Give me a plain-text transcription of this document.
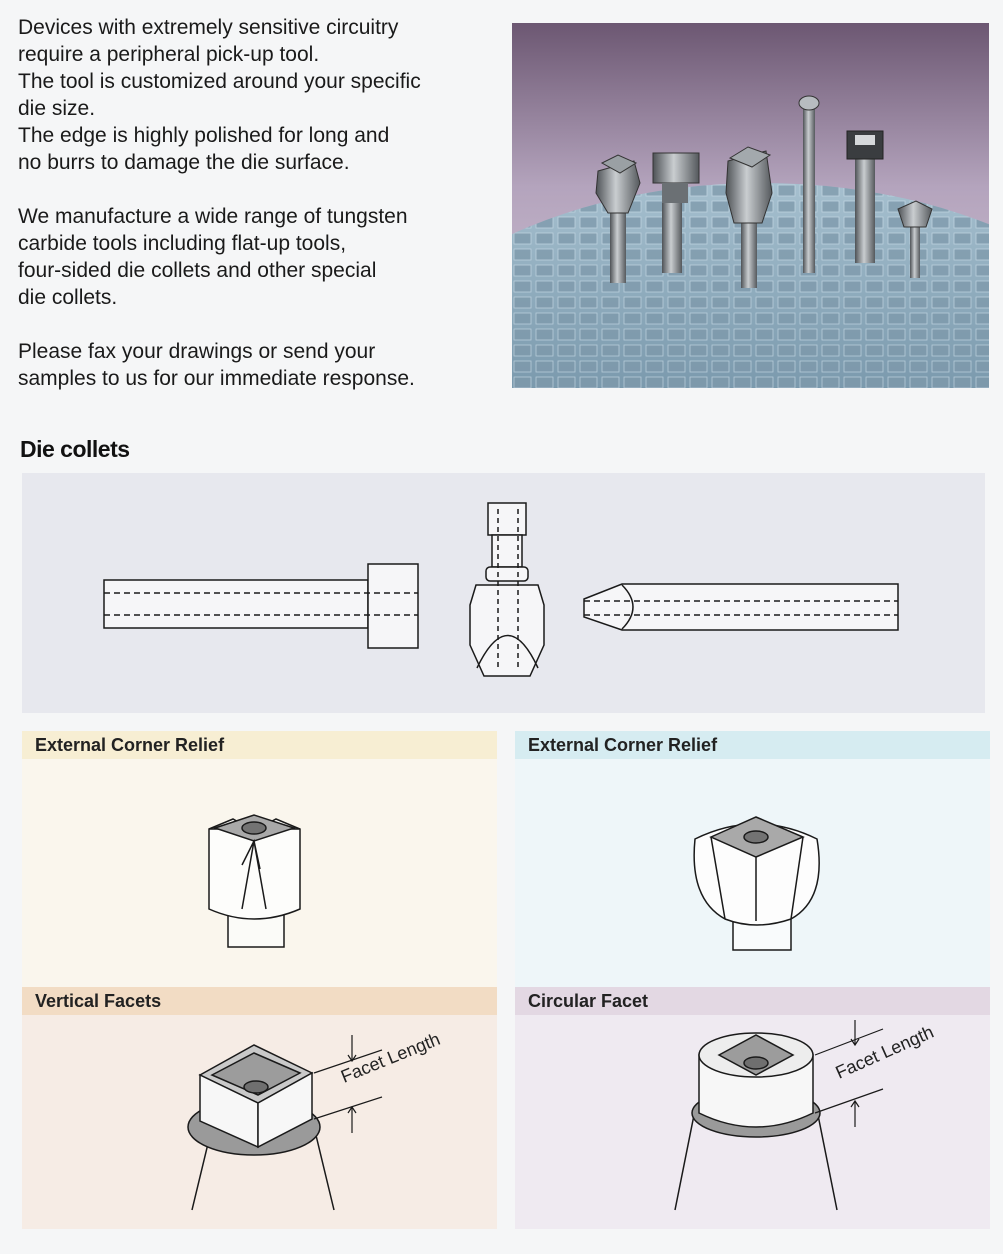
Devices with extremely sensitive circuitry
require a peripheral pick-up tool.
The tool is customized around your specific
die size.
The edge is highly polished for long and
no burrs to damage the die surface.

We manufacture a wide range of tungsten
carbide tools including flat-up tools,
four-sided die collets and other special
die collets.

Please fax your drawings or send your
samples to us for our immediate response.

Die collets
External Corner Relief	External Corner Relief
Vertical Facets
Facet Length
Circular Facet
Facet Length
